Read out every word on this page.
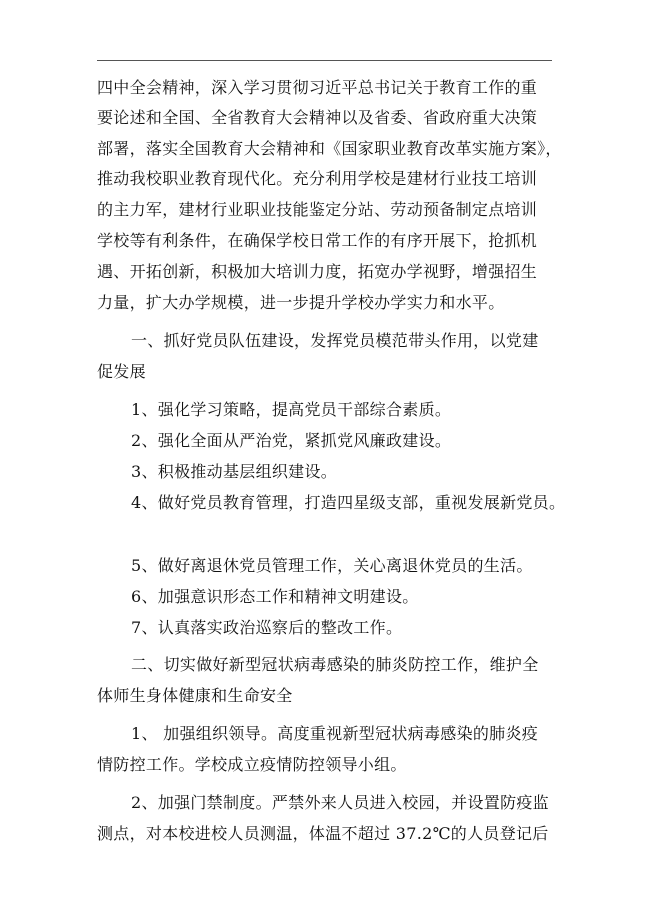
四中全会精神，深入学习贯彻习近平总书记关于教育工作的重
要论述和全国、全省教育大会精神以及省委、省政府重大决策
部署，落实全国教育大会精神和《国家职业教育改革实施方案》，
推动我校职业教育现代化。充分利用学校是建材行业技工培训
的主力军，建材行业职业技能鉴定分站、劳动预备制定点培训
学校等有利条件，在确保学校日常工作的有序开展下，抢抓机
遇、开拓创新，积极加大培训力度，拓宽办学视野，增强招生
力量，扩大办学规模，进一步提升学校办学实力和水平。
一、抓好党员队伍建设，发挥党员模范带头作用，以党建
促发展
1、强化学习策略，提高党员干部综合素质。
2、强化全面从严治党，紧抓党风廉政建设。
3、积极推动基层组织建设。
4、做好党员教育管理，打造四星级支部，重视发展新党员。
5、做好离退休党员管理工作，关心离退休党员的生活。
6、加强意识形态工作和精神文明建设。
7、认真落实政治巡察后的整改工作。
二、切实做好新型冠状病毒感染的肺炎防控工作，维护全
体师生身体健康和生命安全
1、 加强组织领导。高度重视新型冠状病毒感染的肺炎疫
情防控工作。学校成立疫情防控领导小组。
2、加强门禁制度。严禁外来人员进入校园，并设置防疫监
测点，对本校进校人员测温，体温不超过 37.2℃的人员登记后
